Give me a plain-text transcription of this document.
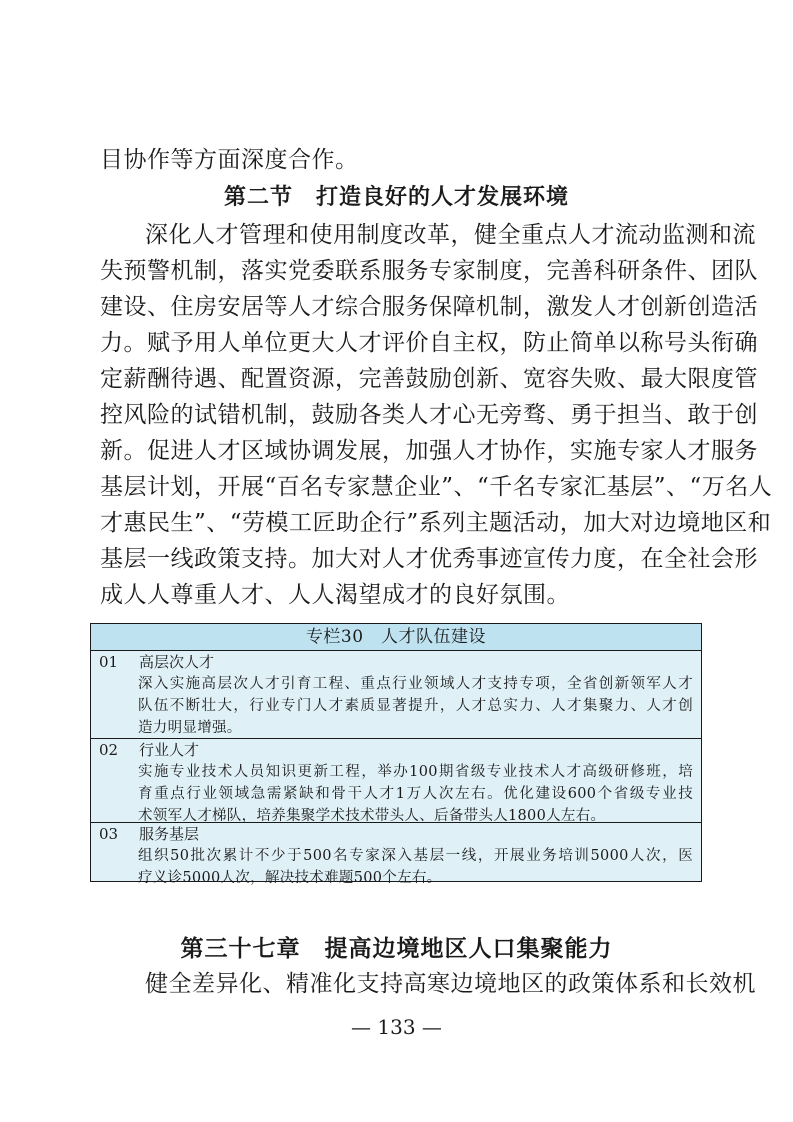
目协作等方面深度合作。
第二节　打造良好的人才发展环境
深化人才管理和使用制度改革，健全重点人才流动监测和流
失预警机制，落实党委联系服务专家制度，完善科研条件、团队
建设、住房安居等人才综合服务保障机制，激发人才创新创造活
力。赋予用人单位更大人才评价自主权，防止简单以称号头衔确
定薪酬待遇、配置资源，完善鼓励创新、宽容失败、最大限度管
控风险的试错机制，鼓励各类人才心无旁骛、勇于担当、敢于创
新。促进人才区域协调发展，加强人才协作，实施专家人才服务
基层计划，开展“百名专家慧企业”、“千名专家汇基层”、“万名人
才惠民生”、“劳模工匠助企行”系列主题活动，加大对边境地区和
基层一线政策支持。加大对人才优秀事迹宣传力度，在全社会形
成人人尊重人才、人人渴望成才的良好氛围。
专栏30　人才队伍建设
01 高层次人才
深入实施高层次人才引育工程、重点行业领域人才支持专项，全省创新领军人才
队伍不断壮大，行业专门人才素质显著提升，人才总实力、人才集聚力、人才创
造力明显增强。
02 行业人才
实施专业技术人员知识更新工程，举办100期省级专业技术人才高级研修班，培
育重点行业领域急需紧缺和骨干人才1万人次左右。优化建设600个省级专业技
术领军人才梯队，培养集聚学术技术带头人、后备带头人1800人左右。
03 服务基层
组织50批次累计不少于500名专家深入基层一线，开展业务培训5000人次，医
疗义诊5000人次，解决技术难题500个左右。
第三十七章　提高边境地区人口集聚能力
健全差异化、精准化支持高寒边境地区的政策体系和长效机
— 133 —
